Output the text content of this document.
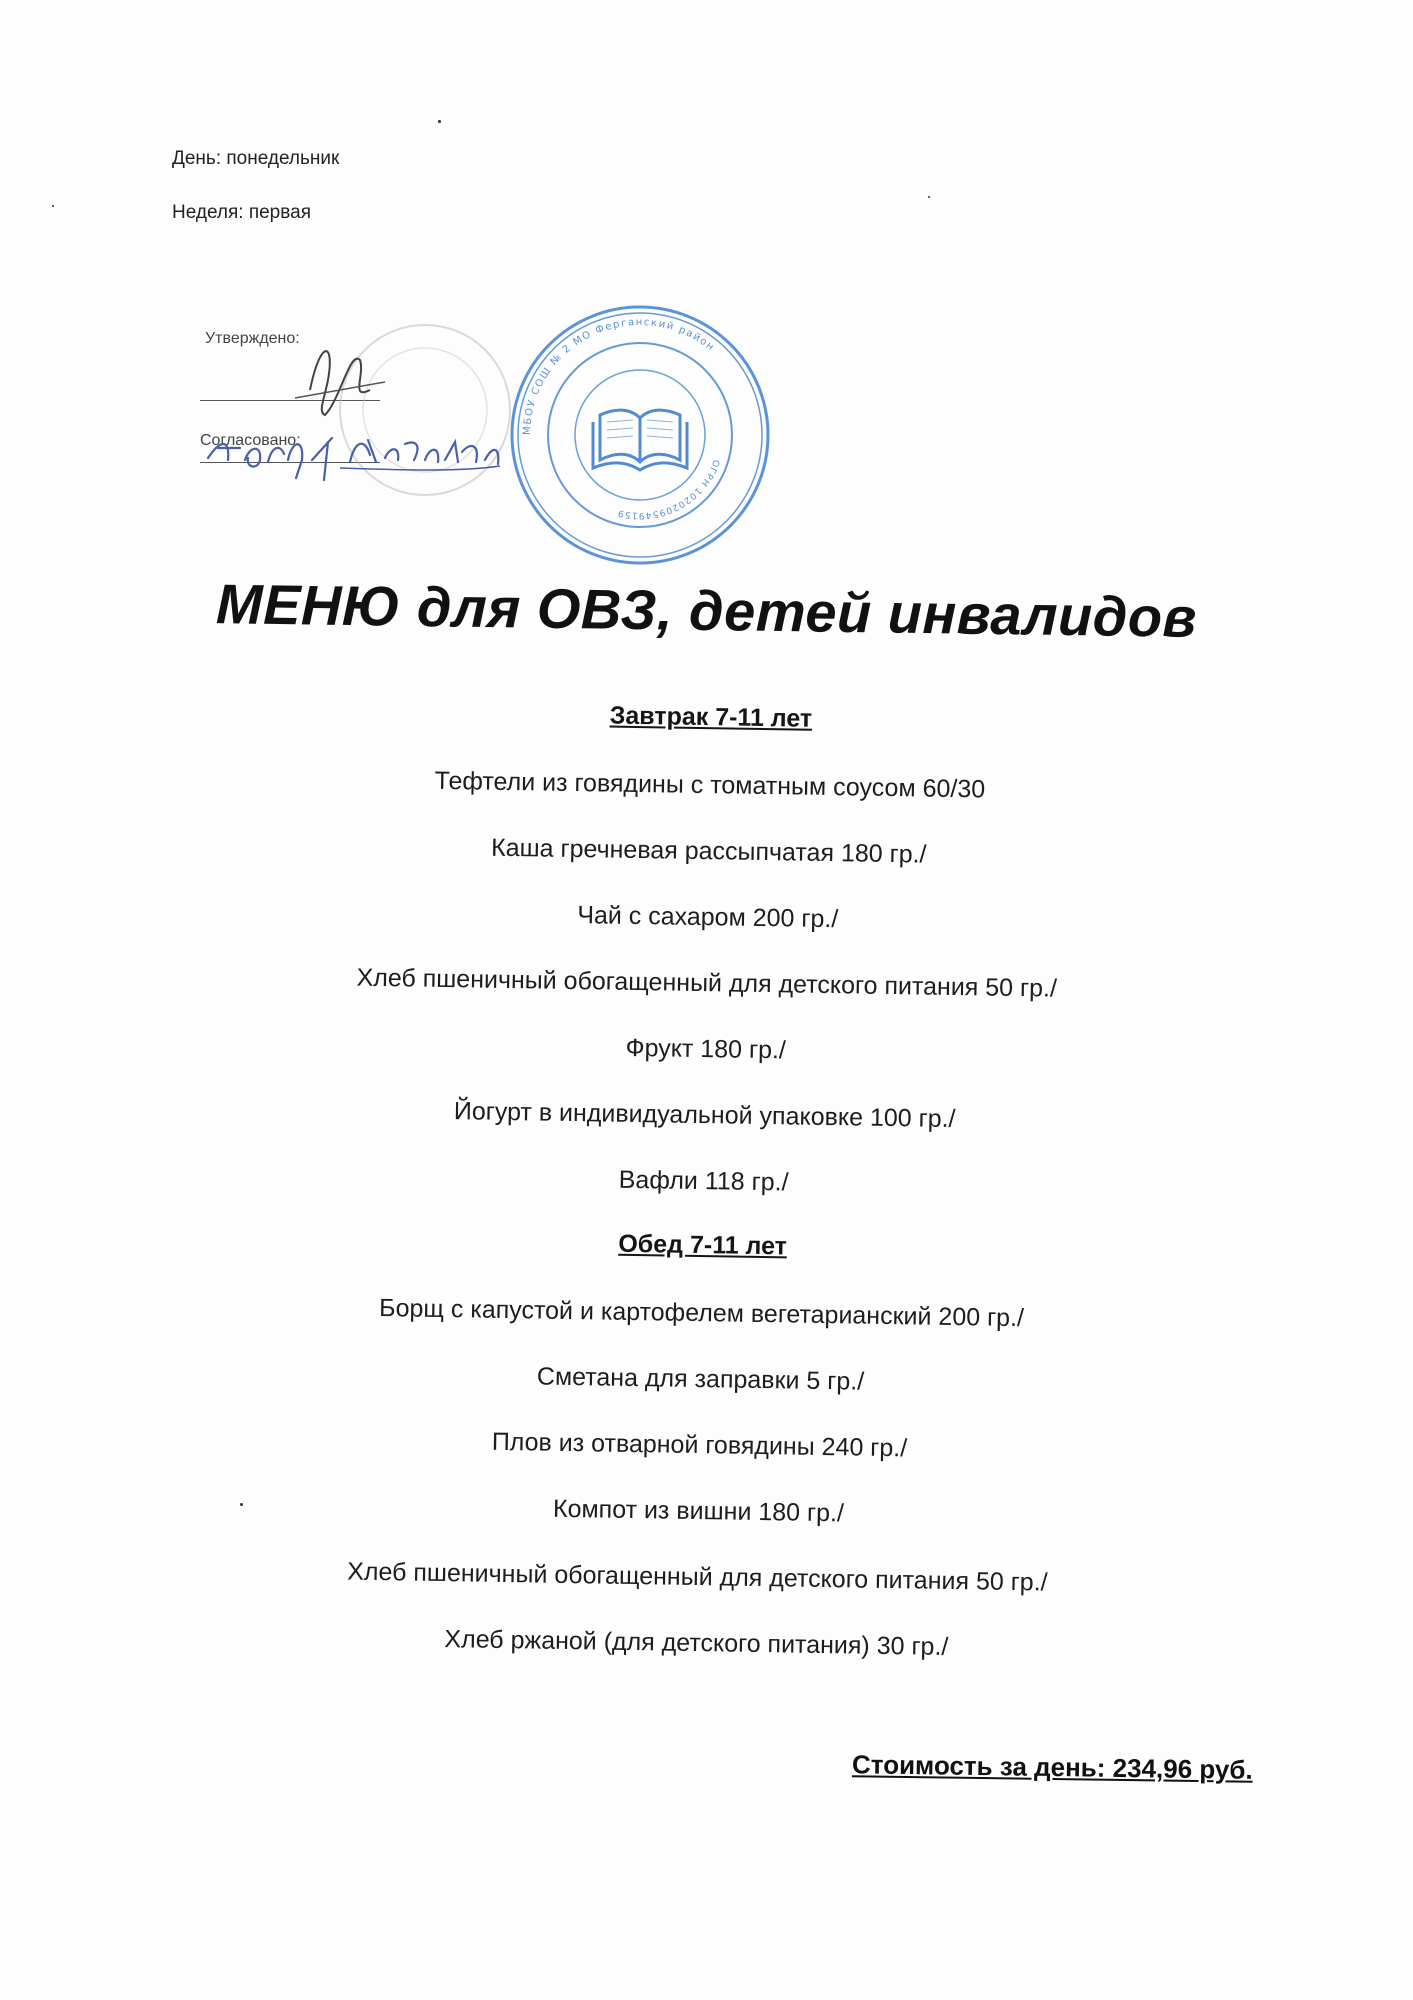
День: понедельник
Неделя: первая
Утверждено:
Согласовано:
МБОУ СОШ № 2 МО Ферганский район
ОГРН 1020209549159
МЕНЮ для ОВЗ, детей инвалидов
Завтрак 7-11 лет
Тефтели из говядины с томатным соусом 60/30
Каша гречневая рассыпчатая 180 гр./
Чай с сахаром 200 гр./
Хлеб пшеничный обогащенный для детского питания 50 гр./
Фрукт 180 гр./
Йогурт в индивидуальной упаковке 100 гр./
Вафли 118 гр./
Обед 7-11 лет
Борщ с капустой и картофелем вегетарианский 200 гр./
Сметана для заправки 5 гр./
Плов из отварной говядины 240 гр./
Компот из вишни 180 гр./
Хлеб пшеничный обогащенный для детского питания 50 гр./
Хлеб ржаной (для детского питания) 30 гр./
Стоимость за день: 234,96 руб.
